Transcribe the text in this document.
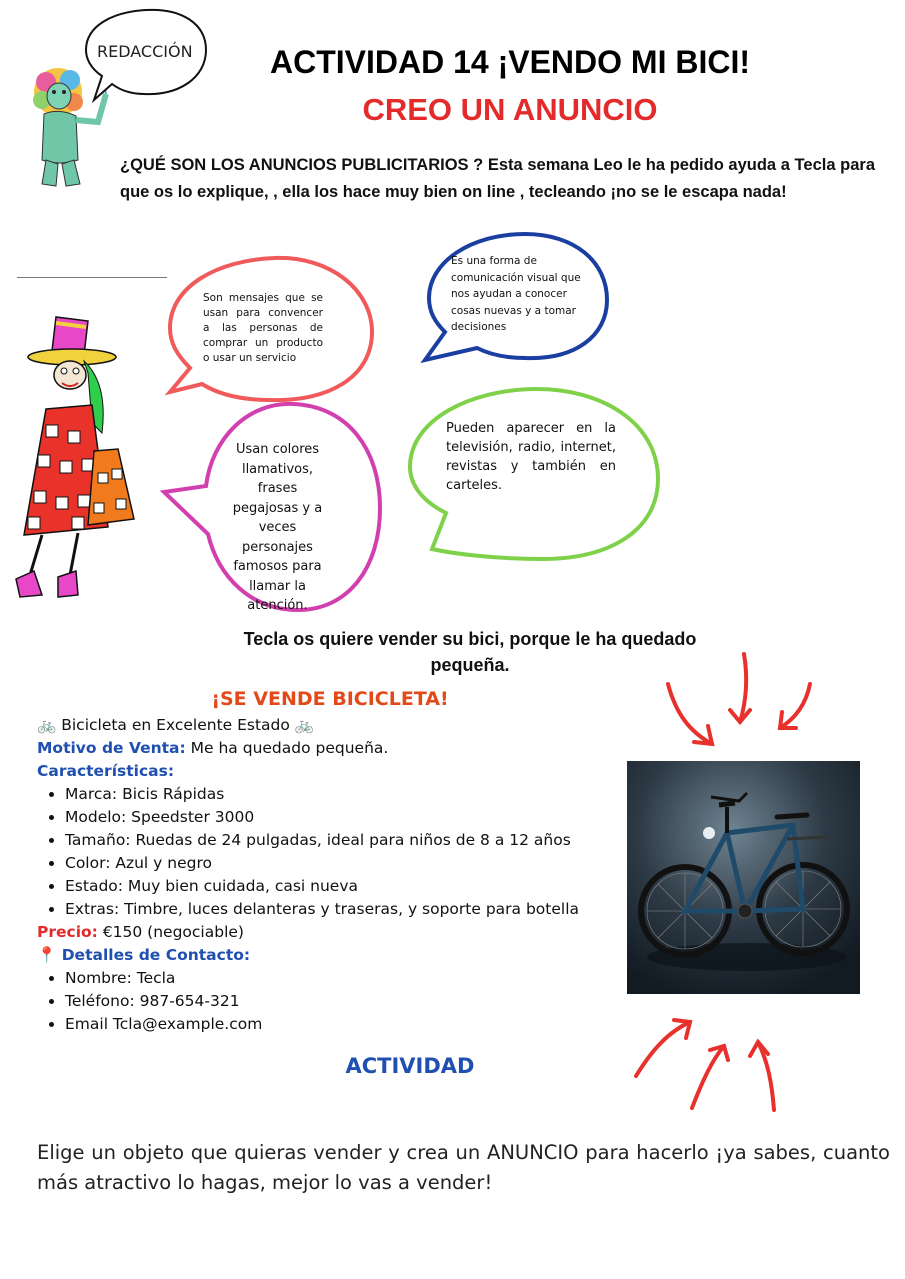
REDACCIÓN	ACTIVIDAD 14 ¡VENDO MI BICI!
CREO UN ANUNCIO
¿QUÉ SON LOS ANUNCIOS PUBLICITARIOS ? Esta semana Leo le ha pedido ayuda a Tecla para que os lo explique, , ella los hace muy bien on line , tecleando ¡no se le escapa nada!
Son mensajes que se usan para convencer a las personas de comprar un producto o usar un servicio
Es una forma de comunicación visual que nos ayudan a conocer cosas nuevas y a tomar decisiones
Usan colores llamativos, frases pegajosas y a veces personajes famosos para llamar la atención.
Pueden aparecer en la televisión, radio, internet, revistas y también en carteles.
Tecla os quiere vender su bici, porque le ha quedado pequeña.
¡SE VENDE BICICLETA!
🚲 Bicicleta en Excelente Estado 🚲
Motivo de Venta: Me ha quedado pequeña.
Características:
• Marca: Bicis Rápidas
• Modelo: Speedster 3000
• Tamaño: Ruedas de 24 pulgadas, ideal para niños de 8 a 12 años
• Color: Azul y negro
• Estado: Muy bien cuidada, casi nueva
• Extras: Timbre, luces delanteras y traseras, y soporte para botella
Precio: €150 (negociable)
📍 Detalles de Contacto:
• Nombre: Tecla
• Teléfono: 987-654-321
• Email Tcla@example.com
ACTIVIDAD
Elige un objeto que quieras vender y crea un ANUNCIO para hacerlo ¡ya sabes, cuanto más atractivo lo hagas, mejor lo vas a vender!
